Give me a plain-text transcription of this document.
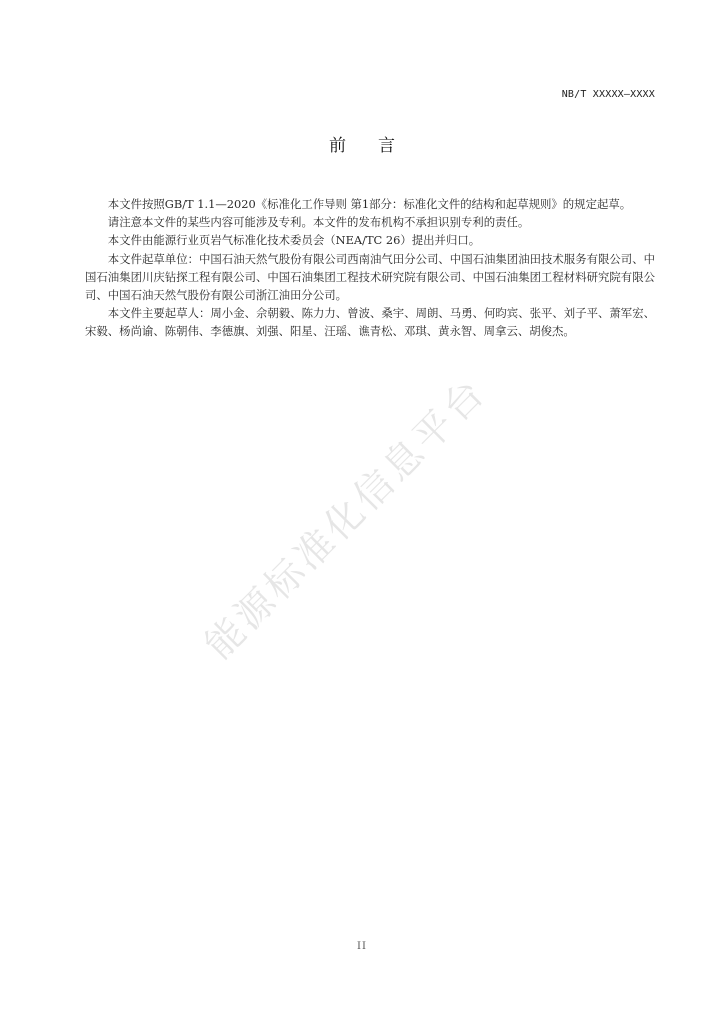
NB/T XXXXX—XXXX
前言

本文件按照GB/T 1.1—2020《标准化工作导则 第1部分：标准化文件的结构和起草规则》的规定起草。

请注意本文件的某些内容可能涉及专利。本文件的发布机构不承担识别专利的责任。

本文件由能源行业页岩气标准化技术委员会（NEA/TC 26）提出并归口。

本文件起草单位：中国石油天然气股份有限公司西南油气田分公司、中国石油集团油田技术服务有限公司、中国石油集团川庆钻探工程有限公司、中国石油集团工程技术研究院有限公司、中国石油集团工程材料研究院有限公司、中国石油天然气股份有限公司浙江油田分公司。

本文件主要起草人：周小金、佘朝毅、陈力力、曾波、桑宇、周朗、马勇、何昀宾、张平、刘子平、萧军宏、宋毅、杨尚谕、陈朝伟、李德旗、刘强、阳星、汪瑶、谯青松、邓琪、黄永智、周拿云、胡俊杰。

能源标准化信息平台
II
